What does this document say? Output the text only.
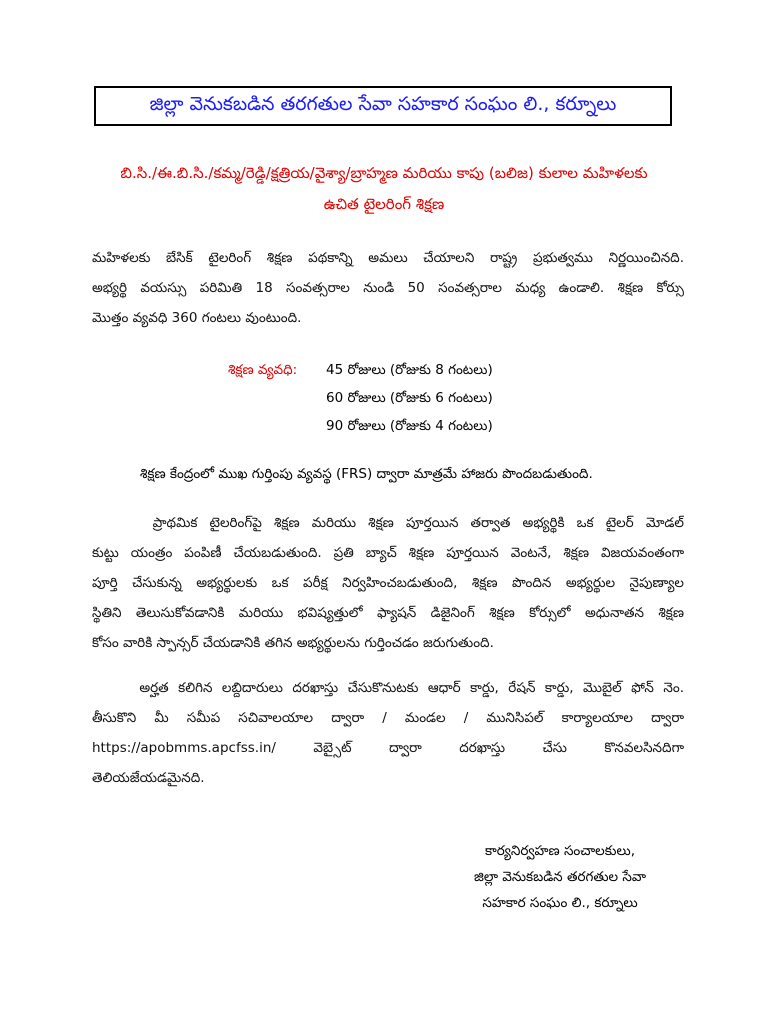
జిల్లా వెనుకబడిన తరగతుల సేవా సహకార సంఘం లి., కర్నూలు
బి.సి./ఈ.బి.సి./కమ్మ/రెడ్డి/క్షత్రియ/వైశ్యా/బ్రాహ్మణ మరియు కాపు (బలిజ) కులాల మహిళలకు
ఉచిత టైలరింగ్ శిక్షణ
మహిళలకు బేసిక్ టైలరింగ్ శిక్షణ పథకాన్ని అమలు చేయాలని రాష్ట్ర ప్రభుత్వము నిర్ణయించినది.
అభ్యర్థి వయస్సు పరిమితి 18 సంవత్సరాల నుండి 50 సంవత్సరాల మధ్య ఉండాలి. శిక్షణ కోర్సు
మొత్తం వ్యవధి 360 గంటలు వుంటుంది.
శిక్షణ వ్యవధి: 45 రోజులు (రోజుకు 8 గంటలు)
60 రోజులు (రోజుకు 6 గంటలు)
90 రోజులు (రోజుకు 4 గంటలు)
శిక్షణ కేంద్రంలో ముఖ గుర్తింపు వ్యవస్థ (FRS) ద్వారా మాత్రమే హాజరు పొందబడుతుంది.
ప్రాథమిక టైలరింగ్‌పై శిక్షణ మరియు శిక్షణ పూర్తయిన తర్వాత అభ్యర్థికి ఒక టైలర్ మోడల్
కుట్టు యంత్రం పంపిణీ చేయబడుతుంది. ప్రతి బ్యాచ్ శిక్షణ పూర్తయిన వెంటనే, శిక్షణ విజయవంతంగా
పూర్తి చేసుకున్న అభ్యర్థులకు ఒక పరీక్ష నిర్వహించబడుతుంది, శిక్షణ పొందిన అభ్యర్థుల నైపుణ్యాల
స్థితిని తెలుసుకోవడానికి మరియు భవిష్యత్తులో ఫ్యాషన్ డిజైనింగ్ శిక్షణ కోర్సులో అధునాతన శిక్షణ
కోసం వారికి స్పాన్సర్ చేయడానికి తగిన అభ్యర్థులను గుర్తించడం జరుగుతుంది.
అర్హత కలిగిన లబ్దిదారులు దరఖాస్తు చేసుకొనుటకు ఆధార్ కార్డు, రేషన్ కార్డు, మొబైల్ ఫోన్ నెం.
తీసుకొని మీ సమీప సచివాలయాల ద్వారా / మండల / మునిసిపల్ కార్యాలయాల ద్వారా
https://apobmms.apcfss.in/   వెబ్సైట్   ద్వారా   దరఖాస్తు   చేసు   కొనవలసినదిగా
తెలియజేయడమైనది.
కార్యనిర్వహణ సంచాలకులు,
జిల్లా వెనుకబడిన తరగతుల సేవా
సహకార సంఘం లి., కర్నూలు
